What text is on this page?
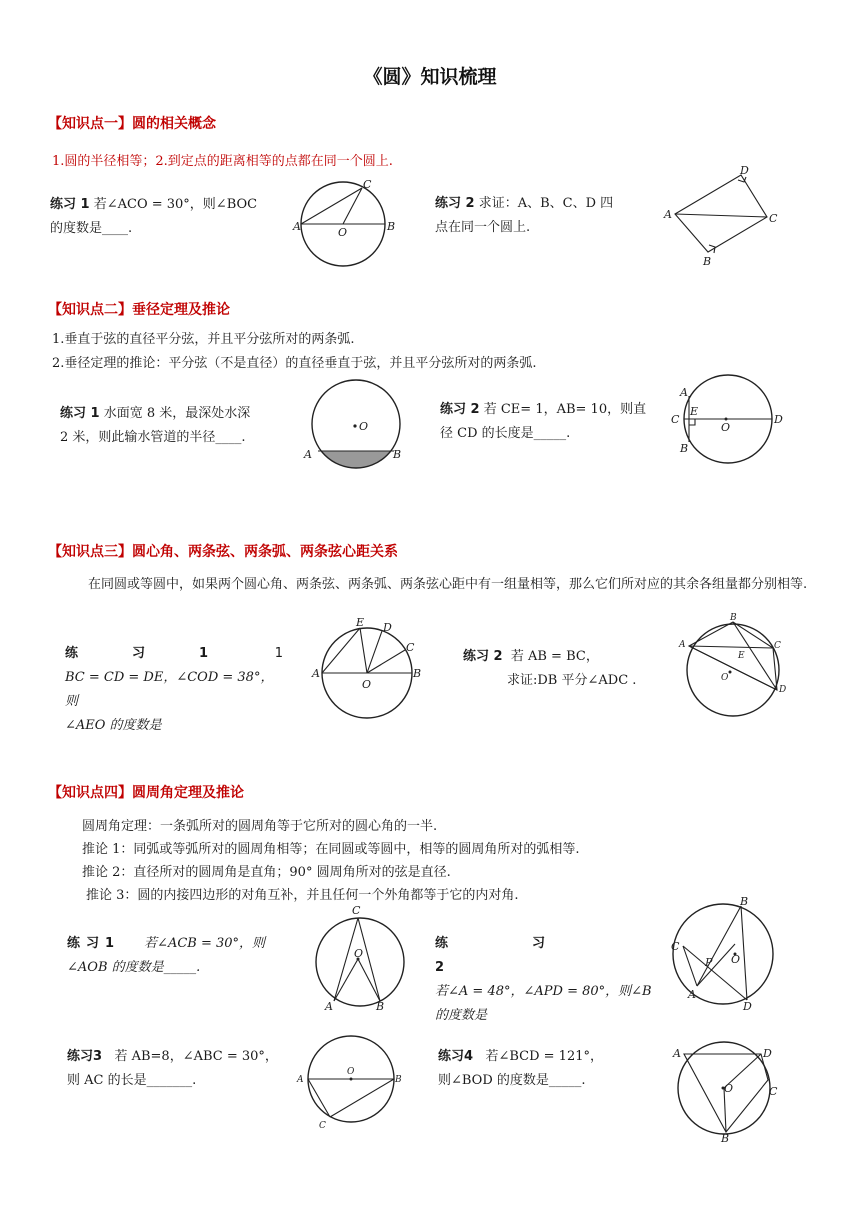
《圆》知识梳理
【知识点一】圆的相关概念
1.圆的半径相等；2.到定点的距离相等的点都在同一个圆上.
练习 1 若∠ACO = 30°，则∠BOC
的度数是____.	A	B
C
O
练习 2 求证：A、B、C、D 四
点在同一个圆上.
A
B
C
D
【知识点二】垂径定理及推论
1.垂直于弦的直径平分弦，并且平分弦所对的两条弧.
2.垂径定理的推论：平分弦（不是直径）的直径垂直于弦，并且平分弦所对的两条弧.
练习 1 水面宽 8 米，最深处水深
2 米，则此输水管道的半径____.
O
A	B
练习 2 若 CE= 1，AB= 10，则直
径 CD 的长度是_____.
A
B
C	D
E
O
【知识点三】圆心角、两条弦、两条弧、两条弦心距关系
在同圆或等圆中，如果两个圆心角、两条弦、两条弧、两条弦心距中有一组量相等，那么它们所对应的其余各组量都分别相等.
练习1 1
BC = CD = DE，∠COD = 38°，则
∠AEO 的度数是
A	B
C
D
E
O
练习 2 若 AB = BC，
求证:DB 平分∠ADC .
A
B
C
D
E
O
【知识点四】圆周角定理及推论
圆周角定理：一条弧所对的圆周角等于它所对的圆心角的一半.
推论 1：同弧或等弧所对的圆周角相等；在同圆或等圆中，相等的圆周角所对的弧相等.
推论 2：直径所对的圆周角是直角；90° 圆周角所对的弦是直径.
推论 3：圆的内接四边形的对角互补，并且任何一个外角都等于它的内对角.
练习1 若∠ACB = 30°，则
∠AOB 的度数是_____.
C
O
A	B
练习2
若∠A = 48°，∠APD = 80°，则∠B
的度数是
B
C
P O
A
D
练习3 若 AB=8，∠ABC = 30°，
则 AC 的长是_______.	A	B
C
O
练习4 若∠BCD = 121°，
则∠BOD 的度数是_____.
A	D
C
O
B
